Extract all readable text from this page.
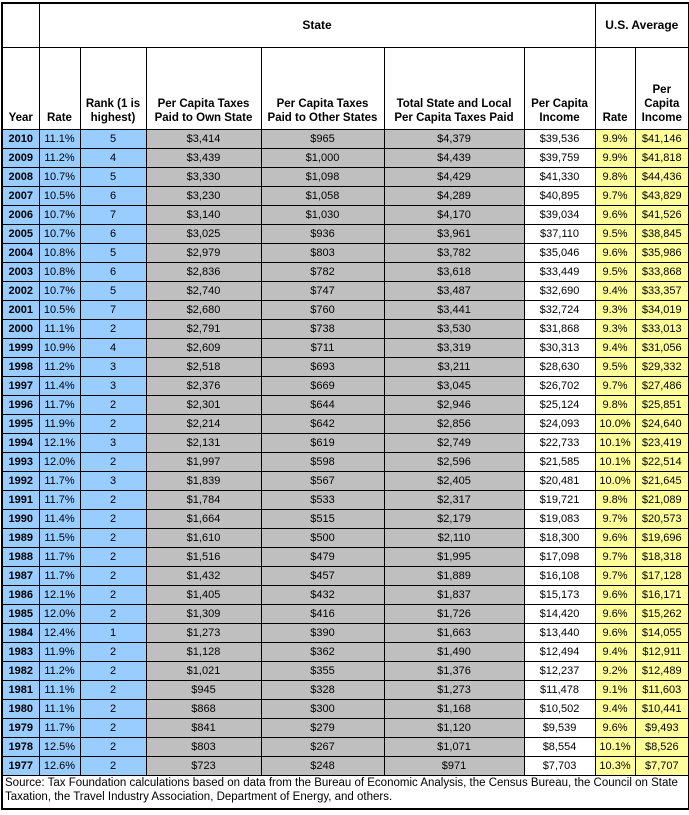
	State						U.S. Average	
Year	Rate	Rank (1 is highest)	Per Capita Taxes Paid to Own State	Per Capita Taxes Paid to Other States	Total State and Local Per Capita Taxes Paid	Per Capita Income	Rate	Per Capita Income
2010	11.1%	5	$3,414	$965	$4,379	$39,536	9.9%	$41,146
2009	11.2%	4	$3,439	$1,000	$4,439	$39,759	9.9%	$41,818
2008	10.7%	5	$3,330	$1,098	$4,429	$41,330	9.8%	$44,436
2007	10.5%	6	$3,230	$1,058	$4,289	$40,895	9.7%	$43,829
2006	10.7%	7	$3,140	$1,030	$4,170	$39,034	9.6%	$41,526
2005	10.7%	6	$3,025	$936	$3,961	$37,110	9.5%	$38,845
2004	10.8%	5	$2,979	$803	$3,782	$35,046	9.6%	$35,986
2003	10.8%	6	$2,836	$782	$3,618	$33,449	9.5%	$33,868
2002	10.7%	5	$2,740	$747	$3,487	$32,690	9.4%	$33,357
2001	10.5%	7	$2,680	$760	$3,441	$32,724	9.3%	$34,019
2000	11.1%	2	$2,791	$738	$3,530	$31,868	9.3%	$33,013
1999	10.9%	4	$2,609	$711	$3,319	$30,313	9.4%	$31,056
1998	11.2%	3	$2,518	$693	$3,211	$28,630	9.5%	$29,332
1997	11.4%	3	$2,376	$669	$3,045	$26,702	9.7%	$27,486
1996	11.7%	2	$2,301	$644	$2,946	$25,124	9.8%	$25,851
1995	11.9%	2	$2,214	$642	$2,856	$24,093	10.0%	$24,640
1994	12.1%	3	$2,131	$619	$2,749	$22,733	10.1%	$23,419
1993	12.0%	2	$1,997	$598	$2,596	$21,585	10.1%	$22,514
1992	11.7%	3	$1,839	$567	$2,405	$20,481	10.0%	$21,645
1991	11.7%	2	$1,784	$533	$2,317	$19,721	9.8%	$21,089
1990	11.4%	2	$1,664	$515	$2,179	$19,083	9.7%	$20,573
1989	11.5%	2	$1,610	$500	$2,110	$18,300	9.6%	$19,696
1988	11.7%	2	$1,516	$479	$1,995	$17,098	9.7%	$18,318
1987	11.7%	2	$1,432	$457	$1,889	$16,108	9.7%	$17,128
1986	12.1%	2	$1,405	$432	$1,837	$15,173	9.6%	$16,171
1985	12.0%	2	$1,309	$416	$1,726	$14,420	9.6%	$15,262
1984	12.4%	1	$1,273	$390	$1,663	$13,440	9.6%	$14,055
1983	11.9%	2	$1,128	$362	$1,490	$12,494	9.4%	$12,911
1982	11.2%	2	$1,021	$355	$1,376	$12,237	9.2%	$12,489
1981	11.1%	2	$945	$328	$1,273	$11,478	9.1%	$11,603
1980	11.1%	2	$868	$300	$1,168	$10,502	9.4%	$10,441
1979	11.7%	2	$841	$279	$1,120	$9,539	9.6%	$9,493
1978	12.5%	2	$803	$267	$1,071	$8,554	10.1%	$8,526
1977	12.6%	2	$723	$248	$971	$7,703	10.3%	$7,707
Source: Tax Foundation calculations based on data from the Bureau of Economic Analysis, the Census Bureau, the Council on State Taxation, the Travel Industry Association, Department of Energy, and others.								
